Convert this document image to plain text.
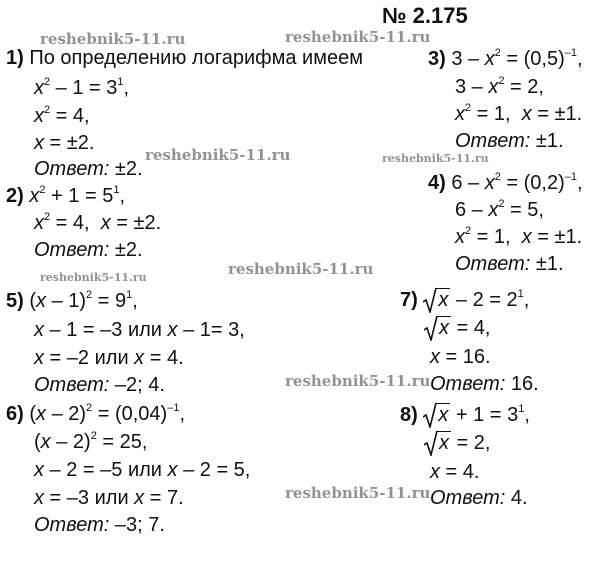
№ 2.175
reshebnik5-11.ru	reshebnik5-11.ru
reshebnik5-11.ru	reshebnik5-11.ru
reshebnik5-11.ru	reshebnik5-11.ru
reshebnik5-11.ru
reshebnik5-11.ru
1) По определению логарифма имеем
$x^2 - 1 = 3^1$,
$x^2 = 4$,
x = ±2.
Ответ: ±2.
2) $x^2 + 1 = 5^1$,
$x^2 = 4$,  x = ±2.
Ответ: ±2.
3) $3 - x^2 = (0,5)^{-1}$,
$3 - x^2 = 2$,
$x^2 = 1$,  x = ±1.
Ответ: ±1.
4) $6 - x^2 = (0,2)^{-1}$,
$6 - x^2 = 5$,
$x^2 = 1$,  x = ±1.
Ответ: ±1.
5) $(x - 1)^2 = 9^1$,
x – 1 = –3 или x – 1= 3,
x = –2 или x = 4.
Ответ: –2; 4.
6) $(x - 2)^2 = (0,04)^{-1}$,
(x – 2)$^2$ = 25,
x – 2 = –5 или x – 2 = 5,
x = –3 или x = 7.
Ответ: –3; 7.
7) $x - 2 = 2^1$,
x = 4,
x = 16.
Ответ: 16.
8) $x + 1 = 3^1$,
x = 2,
x = 4.
Ответ: 4.
